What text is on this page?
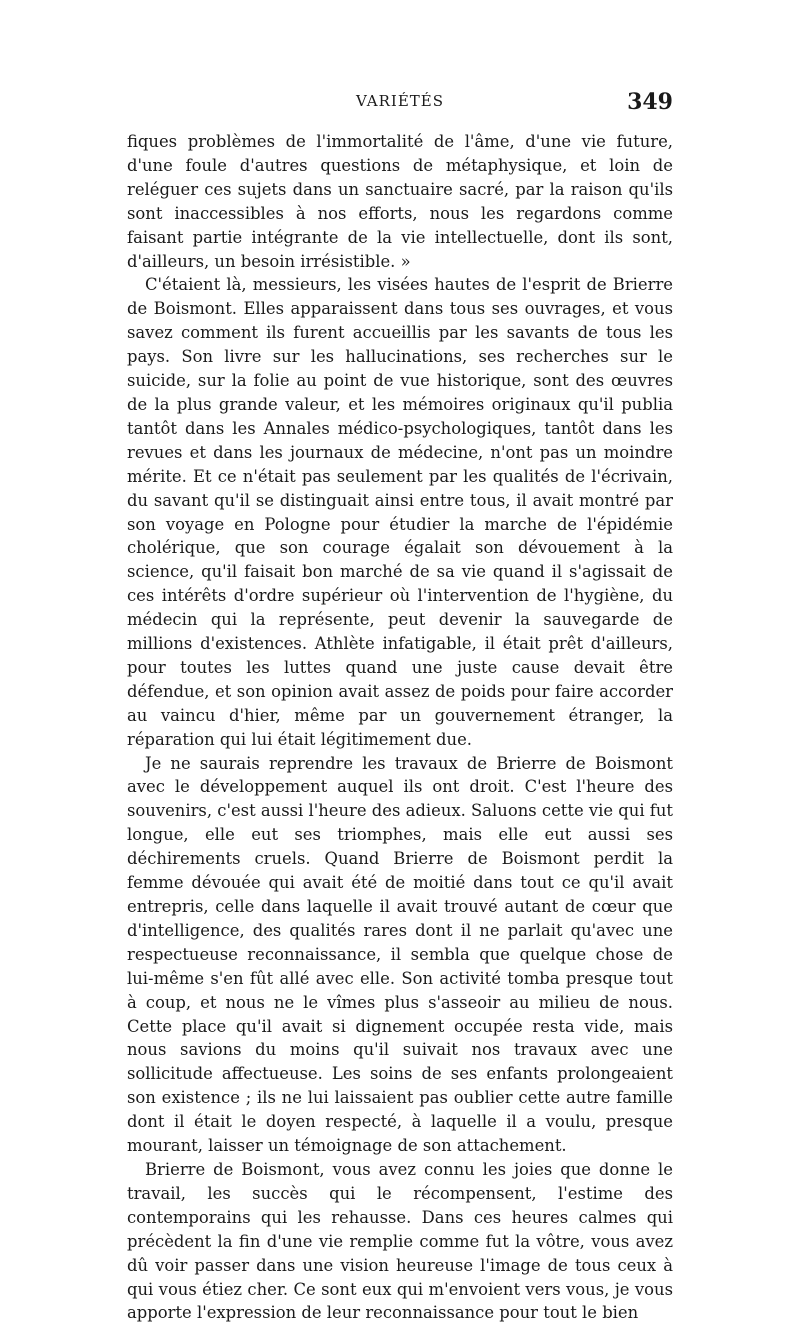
VARIÉTÉS	349

fiques problèmes de l'immortalité de l'âme, d'une vie future, d'une foule d'autres questions de métaphysique, et loin de reléguer ces sujets dans un sanctuaire sacré, par la raison qu'ils sont inaccessibles à nos efforts, nous les regardons comme faisant partie intégrante de la vie intellectuelle, dont ils sont, d'ailleurs, un besoin irrésistible. »

C'étaient là, messieurs, les visées hautes de l'esprit de Brierre de Boismont. Elles apparaissent dans tous ses ouvrages, et vous savez comment ils furent accueillis par les savants de tous les pays. Son livre sur les hallucinations, ses recherches sur le suicide, sur la folie au point de vue historique, sont des œuvres de la plus grande valeur, et les mémoires originaux qu'il publia tantôt dans les Annales médico-psychologiques, tantôt dans les revues et dans les journaux de médecine, n'ont pas un moindre mérite. Et ce n'était pas seulement par les qualités de l'écrivain, du savant qu'il se distinguait ainsi entre tous, il avait montré par son voyage en Pologne pour étudier la marche de l'épidémie cholérique, que son courage égalait son dévouement à la science, qu'il faisait bon marché de sa vie quand il s'agissait de ces intérêts d'ordre supérieur où l'intervention de l'hygiène, du médecin qui la représente, peut devenir la sauvegarde de millions d'existences. Athlète infatigable, il était prêt d'ailleurs, pour toutes les luttes quand une juste cause devait être défendue, et son opinion avait assez de poids pour faire accorder au vaincu d'hier, même par un gouvernement étranger, la réparation qui lui était légitimement due.

Je ne saurais reprendre les travaux de Brierre de Boismont avec le développement auquel ils ont droit. C'est l'heure des souvenirs, c'est aussi l'heure des adieux. Saluons cette vie qui fut longue, elle eut ses triomphes, mais elle eut aussi ses déchirements cruels. Quand Brierre de Boismont perdit la femme dévouée qui avait été de moitié dans tout ce qu'il avait entrepris, celle dans laquelle il avait trouvé autant de cœur que d'intelligence, des qualités rares dont il ne parlait qu'avec une respectueuse reconnaissance, il sembla que quelque chose de lui-même s'en fût allé avec elle. Son activité tomba presque tout à coup, et nous ne le vîmes plus s'asseoir au milieu de nous. Cette place qu'il avait si dignement occupée resta vide, mais nous savions du moins qu'il suivait nos travaux avec une sollicitude affectueuse. Les soins de ses enfants prolongeaient son existence ; ils ne lui laissaient pas oublier cette autre famille dont il était le doyen respecté, à laquelle il a voulu, presque mourant, laisser un témoignage de son attachement.

Brierre de Boismont, vous avez connu les joies que donne le travail, les succès qui le récompensent, l'estime des contemporains qui les rehausse. Dans ces heures calmes qui précèdent la fin d'une vie remplie comme fut la vôtre, vous avez dû voir passer dans une vision heureuse l'image de tous ceux à qui vous étiez cher. Ce sont eux qui m'envoient vers vous, je vous apporte l'expression de leur reconnaissance pour tout le bien
